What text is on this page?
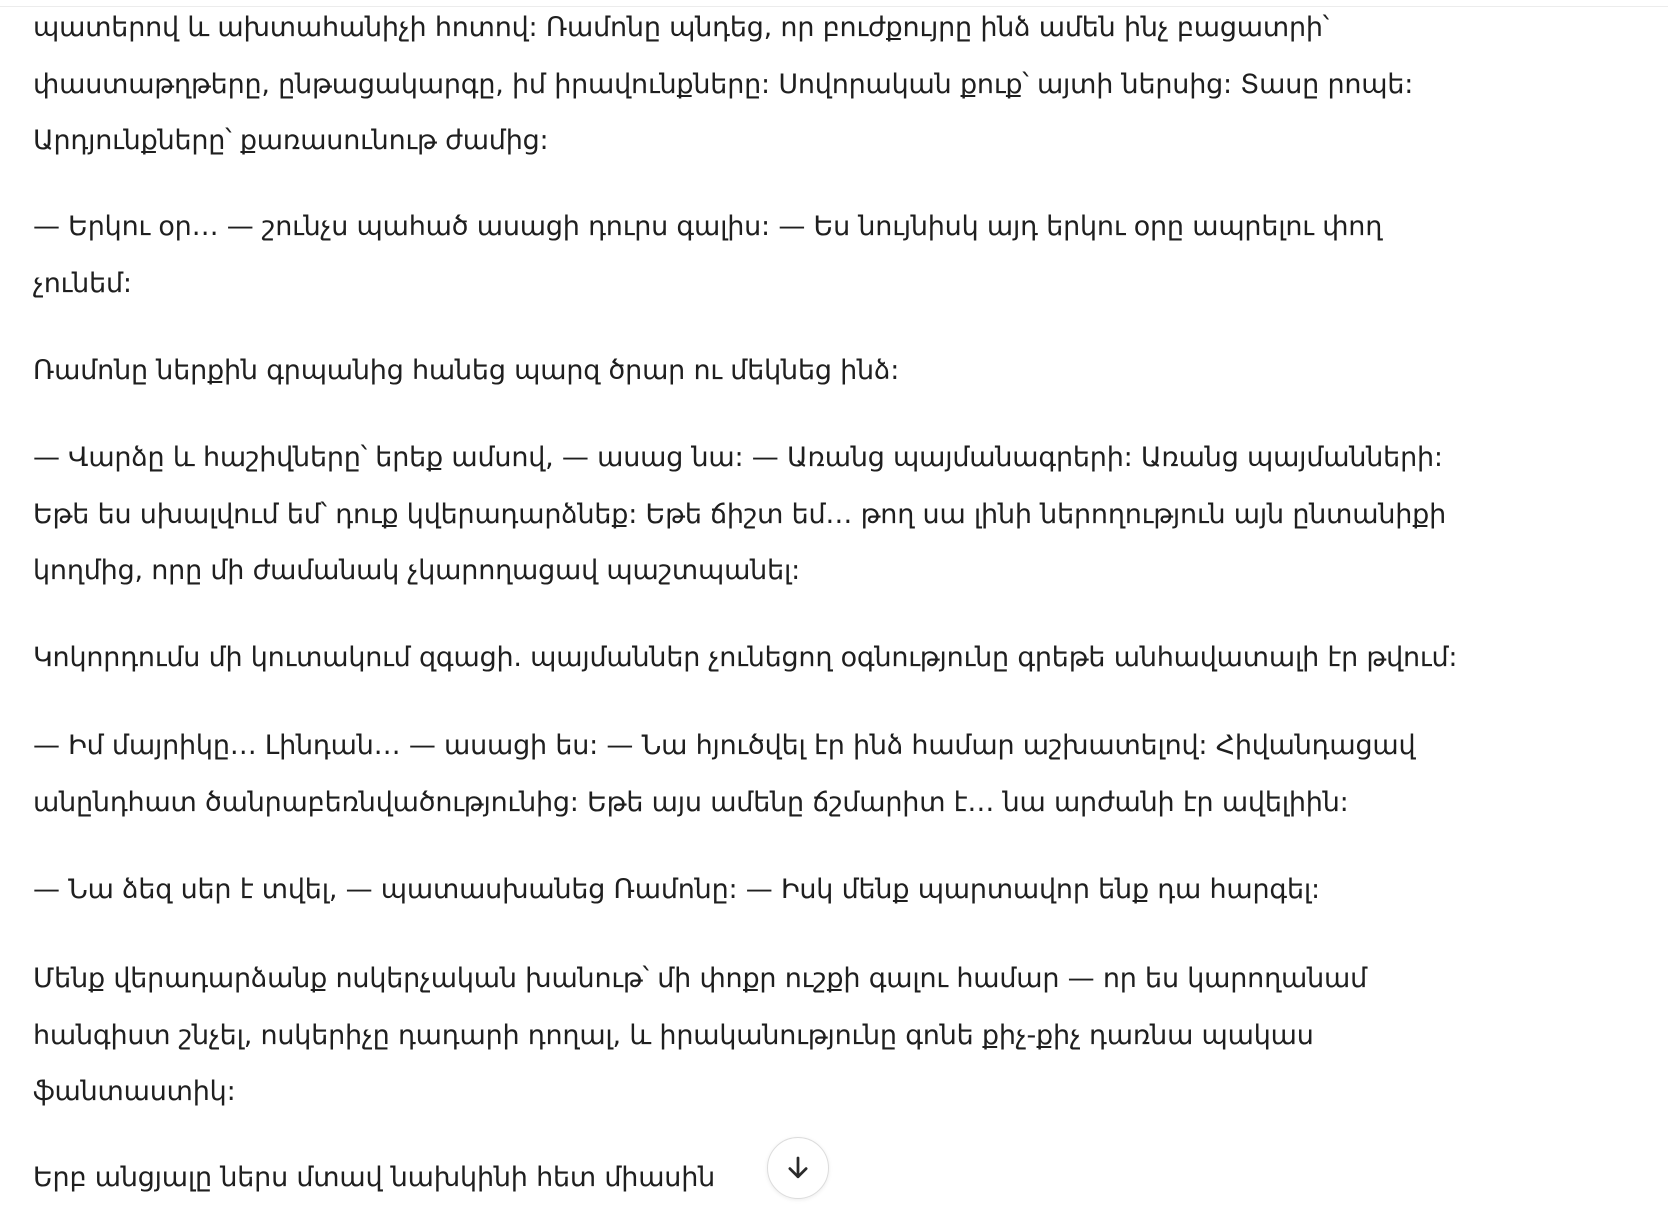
պատերով և ախտահանիչի հոտով: Ռամոնը պնդեց, որ բուժքույրը ինձ ամեն ինչ բացատրի՝
փաստաթղթերը, ընթացակարգը, իմ իրավունքները: Սովորական քուք՝ այտի ներսից: Տասը րոպե:
Արդյունքները՝ քառասունութ ժամից:

— Երկու օր… — շունչս պահած ասացի դուրս գալիս: — Ես նույնիսկ այդ երկու օրը ապրելու փող
չունեմ:

Ռամոնը ներքին գրպանից հանեց պարզ ծրար ու մեկնեց ինձ:

— Վարձը և հաշիվները՝ երեք ամսով, — ասաց նա: — Առանց պայմանագրերի: Առանց պայմանների:
Եթե ես սխալվում եմ՝ դուք կվերադարձնեք: Եթե ճիշտ եմ… թող սա լինի ներողություն այն ընտանիքի
կողմից, որը մի ժամանակ չկարողացավ պաշտպանել:

Կոկորդումս մի կուտակում զգացի. պայմաններ չունեցող օգնությունը գրեթե անհավատալի էր թվում:

— Իմ մայրիկը… Լինդան… — ասացի ես: — Նա հյուծվել էր ինձ համար աշխատելով: Հիվանդացավ
անընդհատ ծանրաբեռնվածությունից: Եթե այս ամենը ճշմարիտ է… նա արժանի էր ավելիին:

— Նա ձեզ սեր է տվել, — պատասխանեց Ռամոնը: — Իսկ մենք պարտավոր ենք դա հարգել:

Մենք վերադարձանք ոսկերչական խանութ՝ մի փոքր ուշքի գալու համար — որ ես կարողանամ
հանգիստ շնչել, ոսկերիչը դադարի դողալ, և իրականությունը գոնե քիչ-քիչ դառնա պակաս
ֆանտաստիկ:

Երբ անցյալը ներս մտավ նախկինի հետ միասին
